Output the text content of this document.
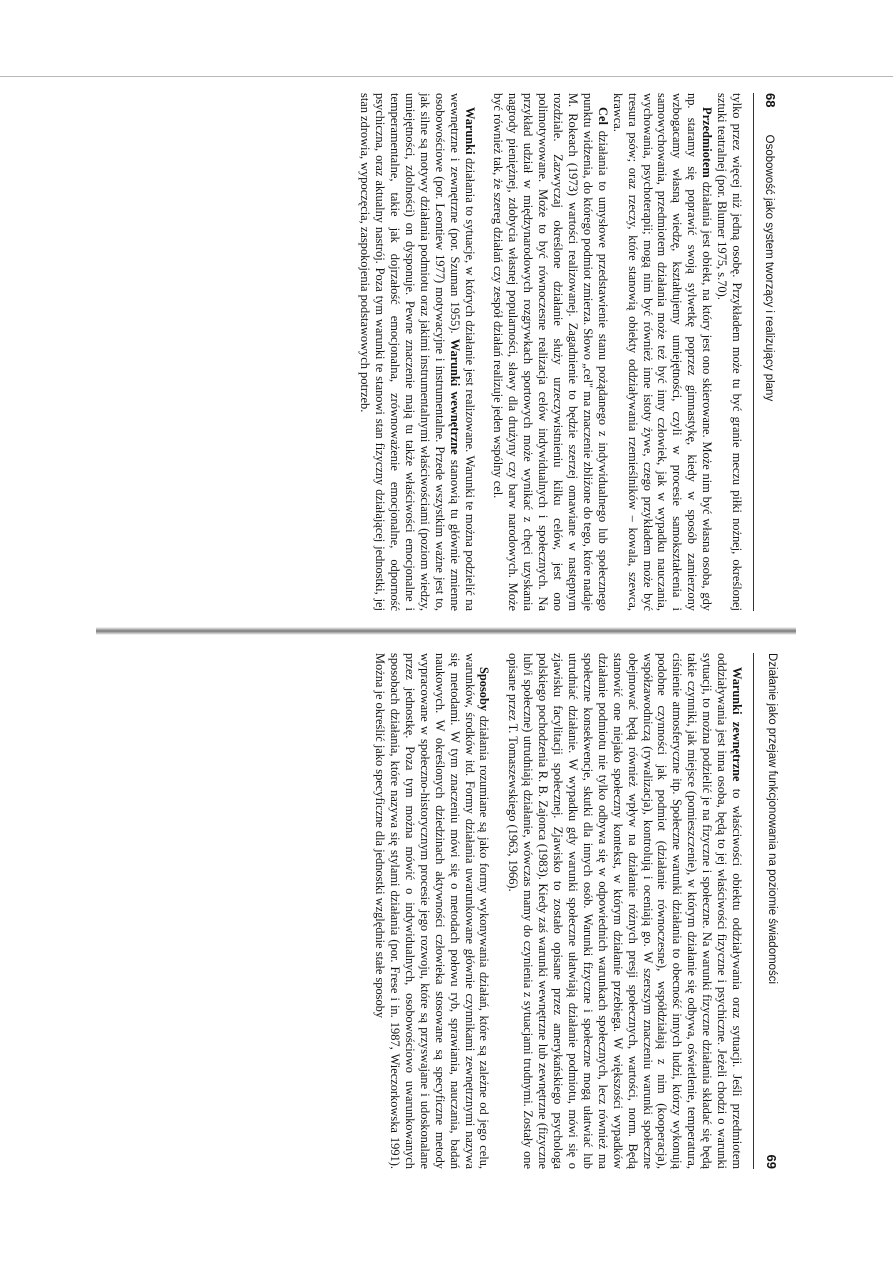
68 Osobowość jako system tworzący i realizujący plany

tylko przez więcej niż jedną osobę. Przykładem może tu być granie meczu piłki nożnej, określonej sztuki teatralnej (por. Blumer 1975, s.70).

Przedmiotem działania jest obiekt, na który jest ono skierowane. Może nim być własna osoba, gdy np. staramy się poprawić swoją sylwetkę poprzez gimnastykę, kiedy w sposób zamierzony wzbogacamy własną wiedzę, kształtujemy umiejętności, czyli w procesie samokształcenia i samowychowania, przedmiotem działania może też być inny człowiek, jak w wypadku nauczania, wychowania, psychoterapii; mogą nim być również inne istoty żywe, czego przykładem może być tresura psów; oraz rzeczy, które stanowią obiekty oddziaływania rzemieślników – kowala, szewca, krawca.

Cel działania to umysłowe przedstawienie stanu pożądanego z indywidualnego lub społecznego punktu widzenia, do którego podmiot zmierza. Słowo „cel" ma znaczenie zbliżone do tego, które nadaje M. Rokeach (1973) wartości realizowanej. Zagadnienie to będzie szerzej omawiane w następnym rozdziale. Zazwyczaj określone działanie służy urzeczywistnieniu kilku celów, jest ono polimotywowane. Może to być równoczesne realizacja celów indywidualnych i społecznych. Na przykład udział w międzynarodowych rozgrywkach sportowych może wynikać z chęci uzyskania nagrody pieniężnej, zdobycia własnej popularności, sławy dla drużyny czy barw narodowych. Może być również tak, że szereg działań czy zespół działań realizuje jeden wspólny cel.

Warunki działania to sytuacje, w których działanie jest realizowane. Warunki te można podzielić na wewnętrzne i zewnętrzne (por. Szuman 1955). Warunki wewnętrzne stanowią tu głównie zmienne osobowościowe (por. Leontiew 1977) motywacyjne i instrumentalne. Przede wszystkim ważne jest to, jak silne są motywy działania podmiotu oraz jakimi instrumentalnymi właściwościami (poziom wiedzy, umiejętności, zdolności) on dysponuje. Pewne znaczenie mają tu także właściwości emocjonalne i temperamentalne, takie jak dojrzałość emocjonalna, zrównoważenie emocjonalne, odporność psychiczna, oraz aktualny nastrój. Poza tym warunki te stanowi stan fizyczny działającej jednostki, jej stan zdrowia, wypoczęcia, zaspokojenia podstawowych potrzeb.

Działanie jako przejaw funkcjonowania na poziomie świadomości
69

Warunki zewnętrzne to właściwości obiektu oddziaływania oraz sytuacji. Jeśli przedmiotem oddziaływania jest inna osoba, będą to jej właściwości fizyczne i psychiczne. Jeżeli chodzi o warunki sytuacji, to można podzielić je na fizyczne i społeczne. Na warunki fizyczne działania składać się będą takie czynniki, jak miejsce (pomieszczenie), w którym działanie się odbywa, oświetlenie, temperatura, ciśnienie atmosferyczne itp. Społeczne warunki działania to obecność innych ludzi, którzy wykonują podobne czynności jak podmiot (działanie równoczesne), współdziałają z nim (kooperacja), współzawodniczą (rywalizacja), kontrolują i oceniają go. W szerszym znaczeniu warunki społeczne obejmować będą również wpływ na działanie różnych presji społecznych, wartości, norm. Będą stanowić one niejako społeczny kontekst, w którym działanie przebiega. W większości wypadków działanie podmiotu nie tylko odbywa się w odpowiednich warunkach społecznych, lecz również ma społeczne konsekwencje, skutki dla innych osób. Warunki fizyczne i społeczne mogą ułatwiać lub utrudniać działanie. W wypadku gdy warunki społeczne ułatwiają działanie podmiotu, mówi się o zjawisku facylitacji społecznej. Zjawisko to zostało opisane przez amerykańskiego psychologa polskiego pochodzenia R. B. Zajonca (1983). Kiedy zaś warunki wewnętrzne lub zewnętrzne (fizyczne lub/i społeczne) utrudniają działanie, wówczas mamy do czynienia z sytuacjami trudnymi. Zostały one opisane przez T. Tomaszewskiego (1963, 1966).

Sposoby działania rozumiane są jako formy wykonywania działań, które są zależne od jego celu, warunków, środków itd. Formy działania uwarunkowane głównie czynnikami zewnętrznymi nazywa się metodami. W tym znaczeniu mówi się o metodach połowu ryb, sprawiania, nauczania, badań naukowych. W określonych dziedzinach aktywności człowieka stosowane są specyficzne metody wypracowane w społeczno-historycznym procesie jego rozwoju, które są przyswajane i udoskonalane przez jednostkę. Poza tym można mówić o indywidualnych, osobowościowo uwarunkowanych sposobach działania, które nazywa się stylami działania (por. Frese i in. 1987, Wieczorkowska 1991). Można je określić jako specyficzne dla jednostki względnie stałe sposoby
